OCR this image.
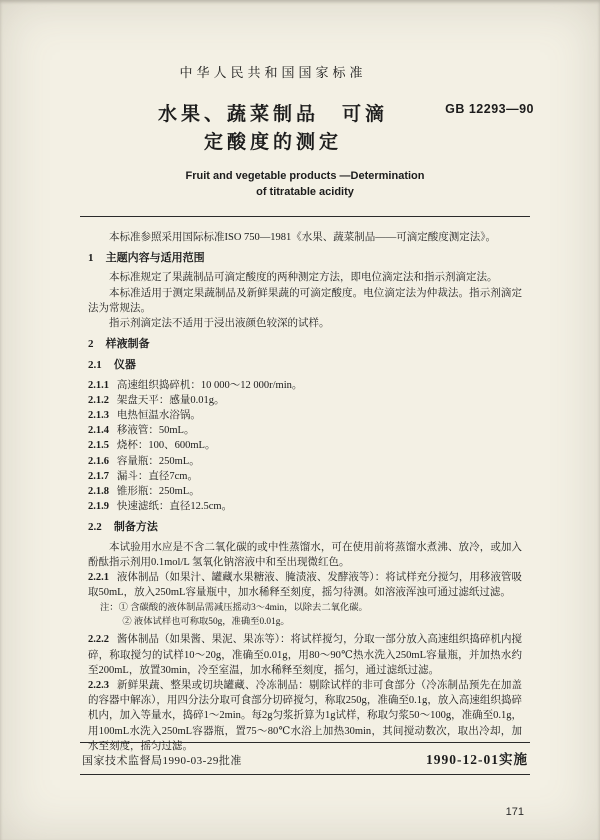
中华人民共和国国家标准
水果、蔬菜制品　可滴
定酸度的测定
GB 12293—90
Fruit and vegetable products —Determination
of titratable acidity

本标准参照采用国际标准ISO 750—1981《水果、蔬菜制品——可滴定酸度测定法》。

1 主题内容与适用范围

本标准规定了果蔬制品可滴定酸度的两种测定方法，即电位滴定法和指示剂滴定法。

本标准适用于测定果蔬制品及新鲜果蔬的可滴定酸度。电位滴定法为仲裁法。指示剂滴定法为常规法。

指示剂滴定法不适用于浸出液颜色较深的试样。

2 样液制备
2.1 仪器
2.1.1 高速组织捣碎机：10 000～12 000r/min。
2.1.2 架盘天平：感量0.01g。
2.1.3 电热恒温水浴锅。
2.1.4 移液管：50mL。
2.1.5 烧杯：100、600mL。
2.1.6 容量瓶：250mL。
2.1.7 漏斗：直径7cm。
2.1.8 锥形瓶：250mL。
2.1.9 快速滤纸：直径12.5cm。
2.2 制备方法

本试验用水应是不含二氧化碳的或中性蒸馏水，可在使用前将蒸馏水煮沸、放冷，或加入酚酞指示剂用0.1mol/L 氢氧化钠溶液中和至出现微红色。

2.2.1 液体制品（如果汁、罐藏水果糖液、腌渍液、发酵液等）：将试样充分搅匀，用移液管吸取50mL，放入250mL容量瓶中，加水稀释至刻度，摇匀待测。如溶液浑浊可通过滤纸过滤。

注：① 含碳酸的液体制品需减压摇动3～4min，以除去二氧化碳。
② 液体试样也可称取50g，准确至0.01g。

2.2.2 酱体制品（如果酱、果泥、果冻等）：将试样搅匀，分取一部分放入高速组织捣碎机内搅碎，称取搅匀的试样10～20g，准确至0.01g，用80～90℃热水洗入250mL容量瓶，并加热水约至200mL，放置30min，冷至室温，加水稀释至刻度，摇匀，通过滤纸过滤。

2.2.3 新鲜果蔬、整果或切块罐藏、冷冻制品：剔除试样的非可食部分（冷冻制品预先在加盖的容器中解冻），用四分法分取可食部分切碎搅匀，称取250g，准确至0.1g，放入高速组织捣碎机内，加入等量水，捣碎1～2min。每2g匀浆折算为1g试样，称取匀浆50～100g，准确至0.1g，用100mL水洗入250mL容器瓶，置75～80℃水浴上加热30min，其间搅动数次，取出冷却，加水至刻度，摇匀过滤。

国家技术监督局1990-03-29批准	1990-12-01实施
171
